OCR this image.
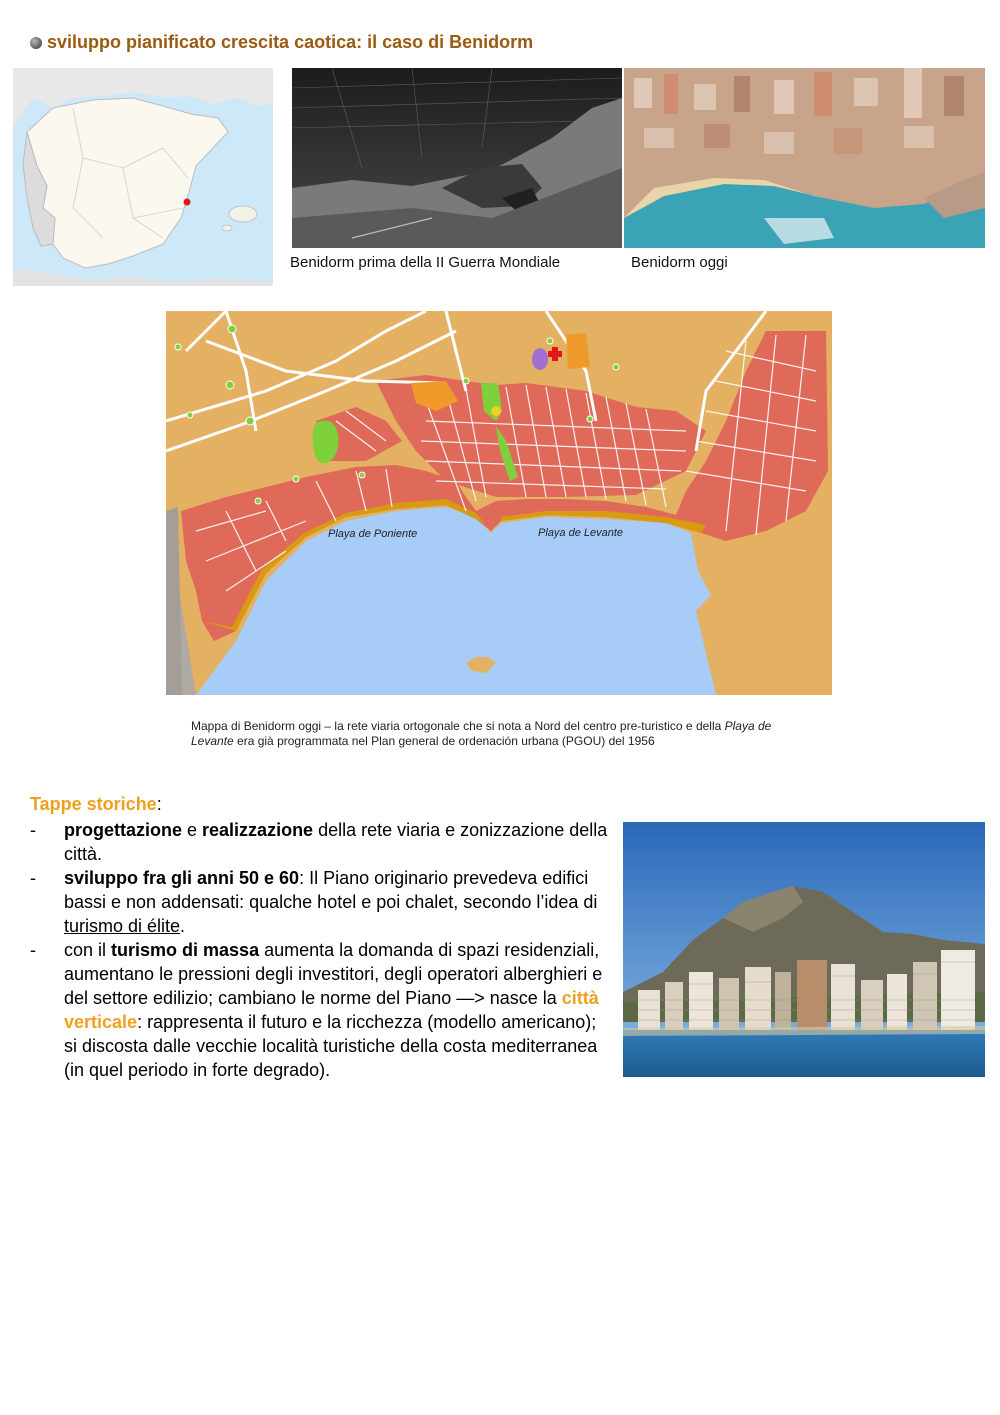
sviluppo pianificato crescita caotica: il caso di Benidorm
Benidorm prima della II Guerra Mondiale	Benidorm oggi
Playa de Poniente	Playa de Levante
Mappa di Benidorm oggi – la rete viaria ortogonale che si nota a Nord del centro pre-turistico e della Playa de Levante era già programmata nel Plan general de ordenación urbana (PGOU) del 1956
Tappe storiche:
- progettazione e realizzazione della rete viaria e zonizzazione della città.
- sviluppo fra gli anni 50 e 60: Il Piano originario prevedeva edifici bassi e non addensati: qualche hotel e poi chalet, secondo l’idea di turismo di élite.
- con il turismo di massa aumenta la domanda di spazi residenziali, aumentano le pressioni degli investitori, degli operatori alberghieri e del settore edilizio; cambiano le norme del Piano —> nasce la città verticale: rappresenta il futuro e la ricchezza (modello americano); si discosta dalle vecchie località turistiche della costa mediterranea (in quel periodo in forte degrado).
